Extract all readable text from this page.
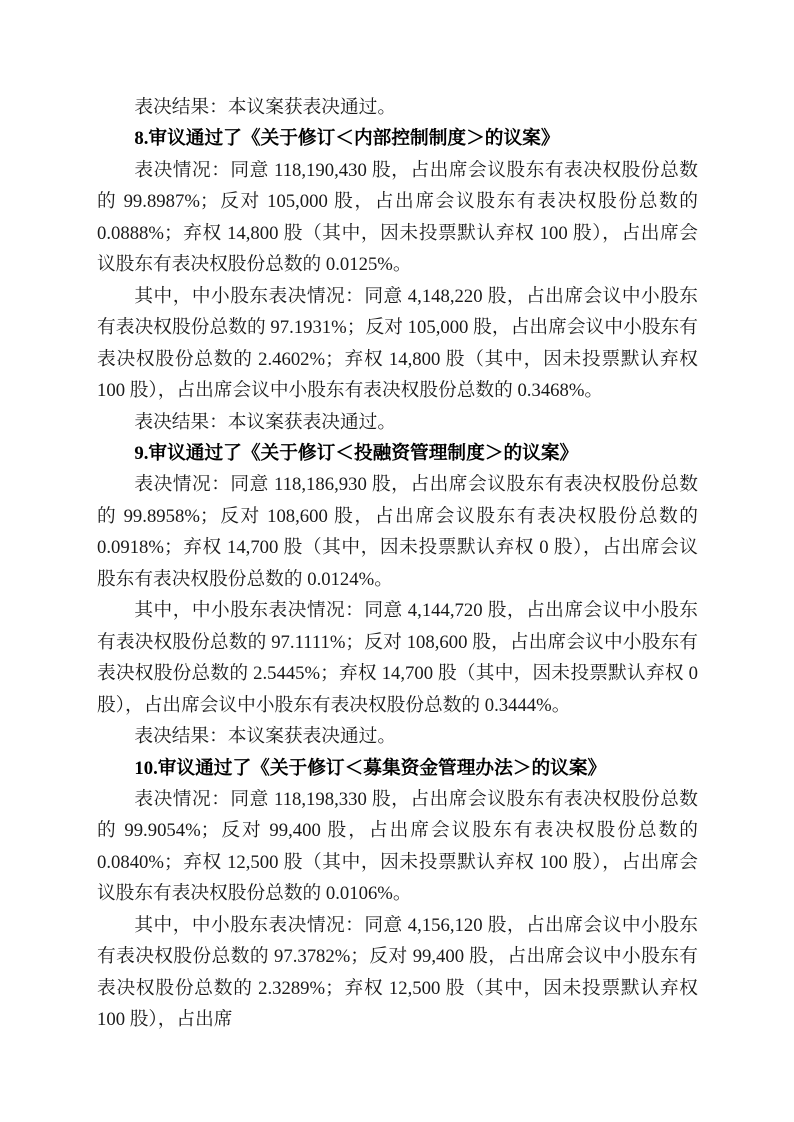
表决结果：本议案获表决通过。

8.审议通过了《关于修订＜内部控制制度＞的议案》

表决情况：同意 118,190,430 股，占出席会议股东有表决权股份总数的 99.8987%；反对 105,000 股，占出席会议股东有表决权股份总数的 0.0888%；弃权 14,800 股（其中，因未投票默认弃权 100 股），占出席会议股东有表决权股份总数的 0.0125%。

其中，中小股东表决情况：同意 4,148,220 股，占出席会议中小股东有表决权股份总数的 97.1931%；反对 105,000 股，占出席会议中小股东有表决权股份总数的 2.4602%；弃权 14,800 股（其中，因未投票默认弃权 100 股），占出席会议中小股东有表决权股份总数的 0.3468%。

表决结果：本议案获表决通过。

9.审议通过了《关于修订＜投融资管理制度＞的议案》

表决情况：同意 118,186,930 股，占出席会议股东有表决权股份总数的 99.8958%；反对 108,600 股，占出席会议股东有表决权股份总数的 0.0918%；弃权 14,700 股（其中，因未投票默认弃权 0 股），占出席会议股东有表决权股份总数的 0.0124%。

其中，中小股东表决情况：同意 4,144,720 股，占出席会议中小股东有表决权股份总数的 97.1111%；反对 108,600 股，占出席会议中小股东有表决权股份总数的 2.5445%；弃权 14,700 股（其中，因未投票默认弃权 0 股），占出席会议中小股东有表决权股份总数的 0.3444%。

表决结果：本议案获表决通过。

10.审议通过了《关于修订＜募集资金管理办法＞的议案》

表决情况：同意 118,198,330 股，占出席会议股东有表决权股份总数的 99.9054%；反对 99,400 股，占出席会议股东有表决权股份总数的 0.0840%；弃权 12,500 股（其中，因未投票默认弃权 100 股），占出席会议股东有表决权股份总数的 0.0106%。

其中，中小股东表决情况：同意 4,156,120 股，占出席会议中小股东有表决权股份总数的 97.3782%；反对 99,400 股，占出席会议中小股东有表决权股份总数的 2.3289%；弃权 12,500 股（其中，因未投票默认弃权 100 股），占出席
